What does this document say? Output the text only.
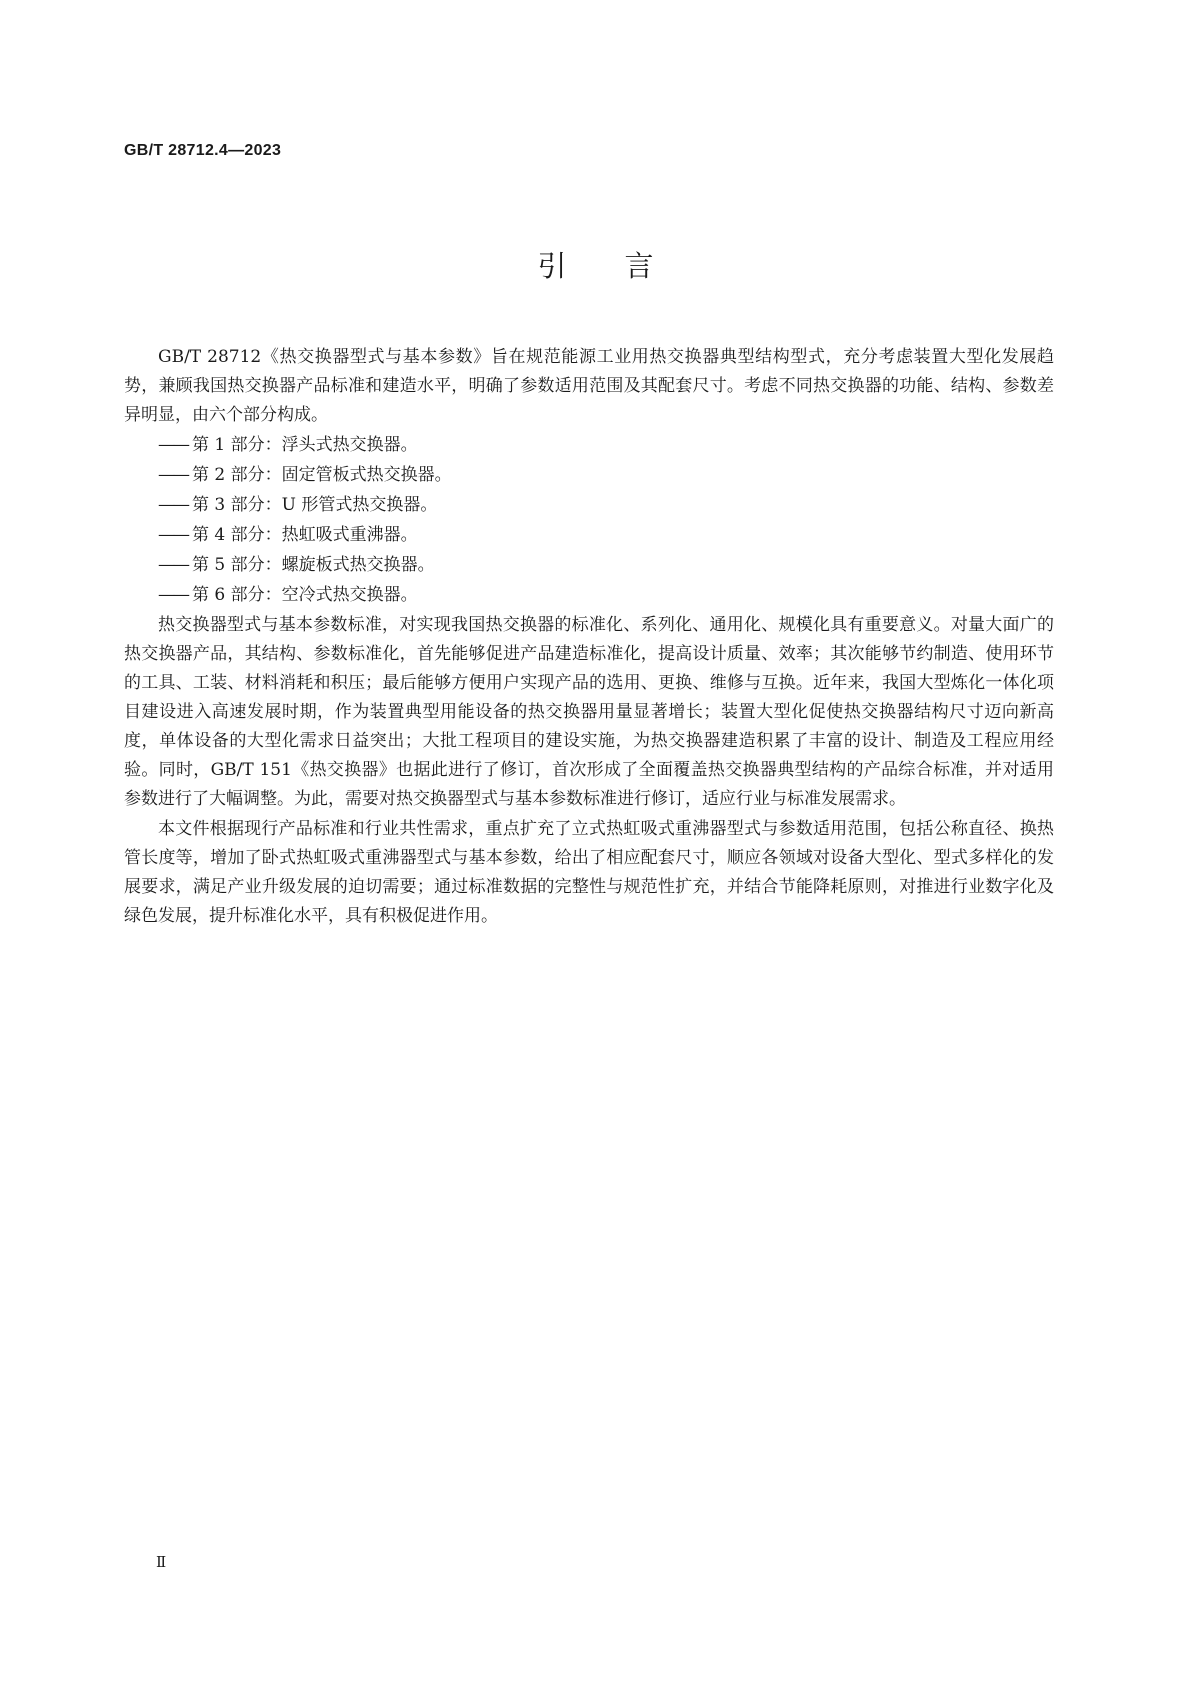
GB/T 28712.4—2023
引言

GB/T 28712《热交换器型式与基本参数》旨在规范能源工业用热交换器典型结构型式，充分考虑装置大型化发展趋势，兼顾我国热交换器产品标准和建造水平，明确了参数适用范围及其配套尺寸。考虑不同热交换器的功能、结构、参数差异明显，由六个部分构成。

—— 第 1 部分：浮头式热交换器。

—— 第 2 部分：固定管板式热交换器。

—— 第 3 部分：U 形管式热交换器。

—— 第 4 部分：热虹吸式重沸器。

—— 第 5 部分：螺旋板式热交换器。

—— 第 6 部分：空冷式热交换器。

热交换器型式与基本参数标准，对实现我国热交换器的标准化、系列化、通用化、规模化具有重要意义。对量大面广的热交换器产品，其结构、参数标准化，首先能够促进产品建造标准化，提高设计质量、效率；其次能够节约制造、使用环节的工具、工装、材料消耗和积压；最后能够方便用户实现产品的选用、更换、维修与互换。近年来，我国大型炼化一体化项目建设进入高速发展时期，作为装置典型用能设备的热交换器用量显著增长；装置大型化促使热交换器结构尺寸迈向新高度，单体设备的大型化需求日益突出；大批工程项目的建设实施，为热交换器建造积累了丰富的设计、制造及工程应用经验。同时，GB/T 151《热交换器》也据此进行了修订，首次形成了全面覆盖热交换器典型结构的产品综合标准，并对适用参数进行了大幅调整。为此，需要对热交换器型式与基本参数标准进行修订，适应行业与标准发展需求。

本文件根据现行产品标准和行业共性需求，重点扩充了立式热虹吸式重沸器型式与参数适用范围，包括公称直径、换热管长度等，增加了卧式热虹吸式重沸器型式与基本参数，给出了相应配套尺寸，顺应各领域对设备大型化、型式多样化的发展要求，满足产业升级发展的迫切需要；通过标准数据的完整性与规范性扩充，并结合节能降耗原则，对推进行业数字化及绿色发展，提升标准化水平，具有积极促进作用。

Ⅱ
